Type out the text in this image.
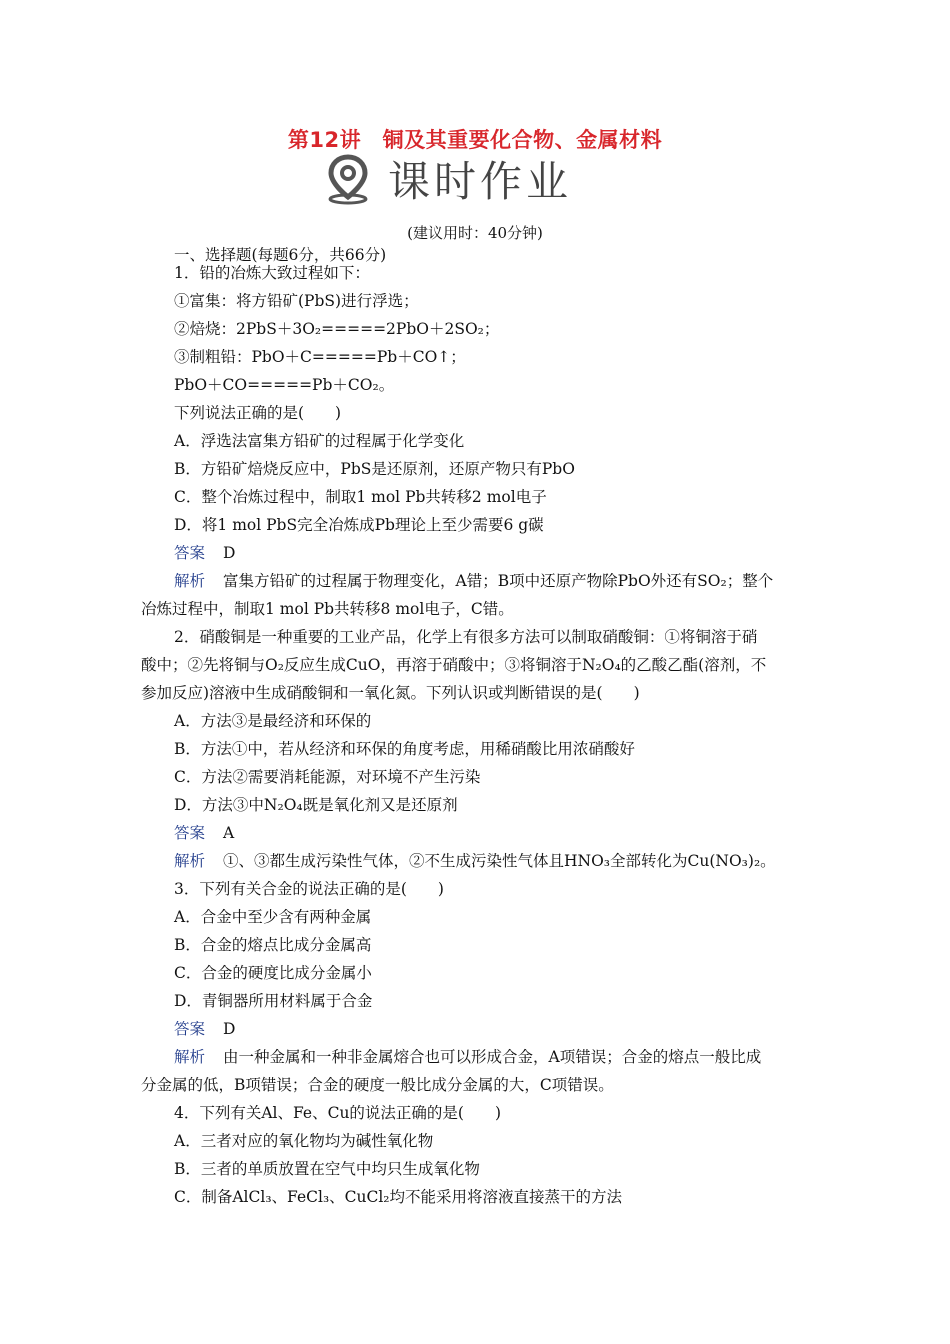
第12讲　铜及其重要化合物、金属材料
课时作业
(建议用时：40分钟)
一、选择题(每题6分，共66分)
1．铅的冶炼大致过程如下：
①富集：将方铅矿(PbS)进行浮选；
②焙烧：2PbS＋3O₂=====2PbO＋2SO₂；
③制粗铅：PbO＋C=====Pb＋CO↑；
PbO＋CO=====Pb＋CO₂。
下列说法正确的是(　　)
A．浮选法富集方铅矿的过程属于化学变化
B．方铅矿焙烧反应中，PbS是还原剂，还原产物只有PbO
C．整个冶炼过程中，制取1 mol Pb共转移2 mol电子
D．将1 mol PbS完全冶炼成Pb理论上至少需要6 g碳
答案 D
解析 富集方铅矿的过程属于物理变化，A错；B项中还原产物除PbO外还有SO₂；整个
冶炼过程中，制取1 mol Pb共转移8 mol电子，C错。
2．硝酸铜是一种重要的工业产品，化学上有很多方法可以制取硝酸铜：①将铜溶于硝
酸中；②先将铜与O₂反应生成CuO，再溶于硝酸中；③将铜溶于N₂O₄的乙酸乙酯(溶剂，不
参加反应)溶液中生成硝酸铜和一氧化氮。下列认识或判断错误的是(　　)
A．方法③是最经济和环保的
B．方法①中，若从经济和环保的角度考虑，用稀硝酸比用浓硝酸好
C．方法②需要消耗能源，对环境不产生污染
D．方法③中N₂O₄既是氧化剂又是还原剂
答案 A
解析 ①、③都生成污染性气体，②不生成污染性气体且HNO₃全部转化为Cu(NO₃)₂。
3．下列有关合金的说法正确的是(　　)
A．合金中至少含有两种金属
B．合金的熔点比成分金属高
C．合金的硬度比成分金属小
D．青铜器所用材料属于合金
答案 D
解析 由一种金属和一种非金属熔合也可以形成合金，A项错误；合金的熔点一般比成
分金属的低，B项错误；合金的硬度一般比成分金属的大，C项错误。
4．下列有关Al、Fe、Cu的说法正确的是(　　)
A．三者对应的氧化物均为碱性氧化物
B．三者的单质放置在空气中均只生成氧化物
C．制备AlCl₃、FeCl₃、CuCl₂均不能采用将溶液直接蒸干的方法
